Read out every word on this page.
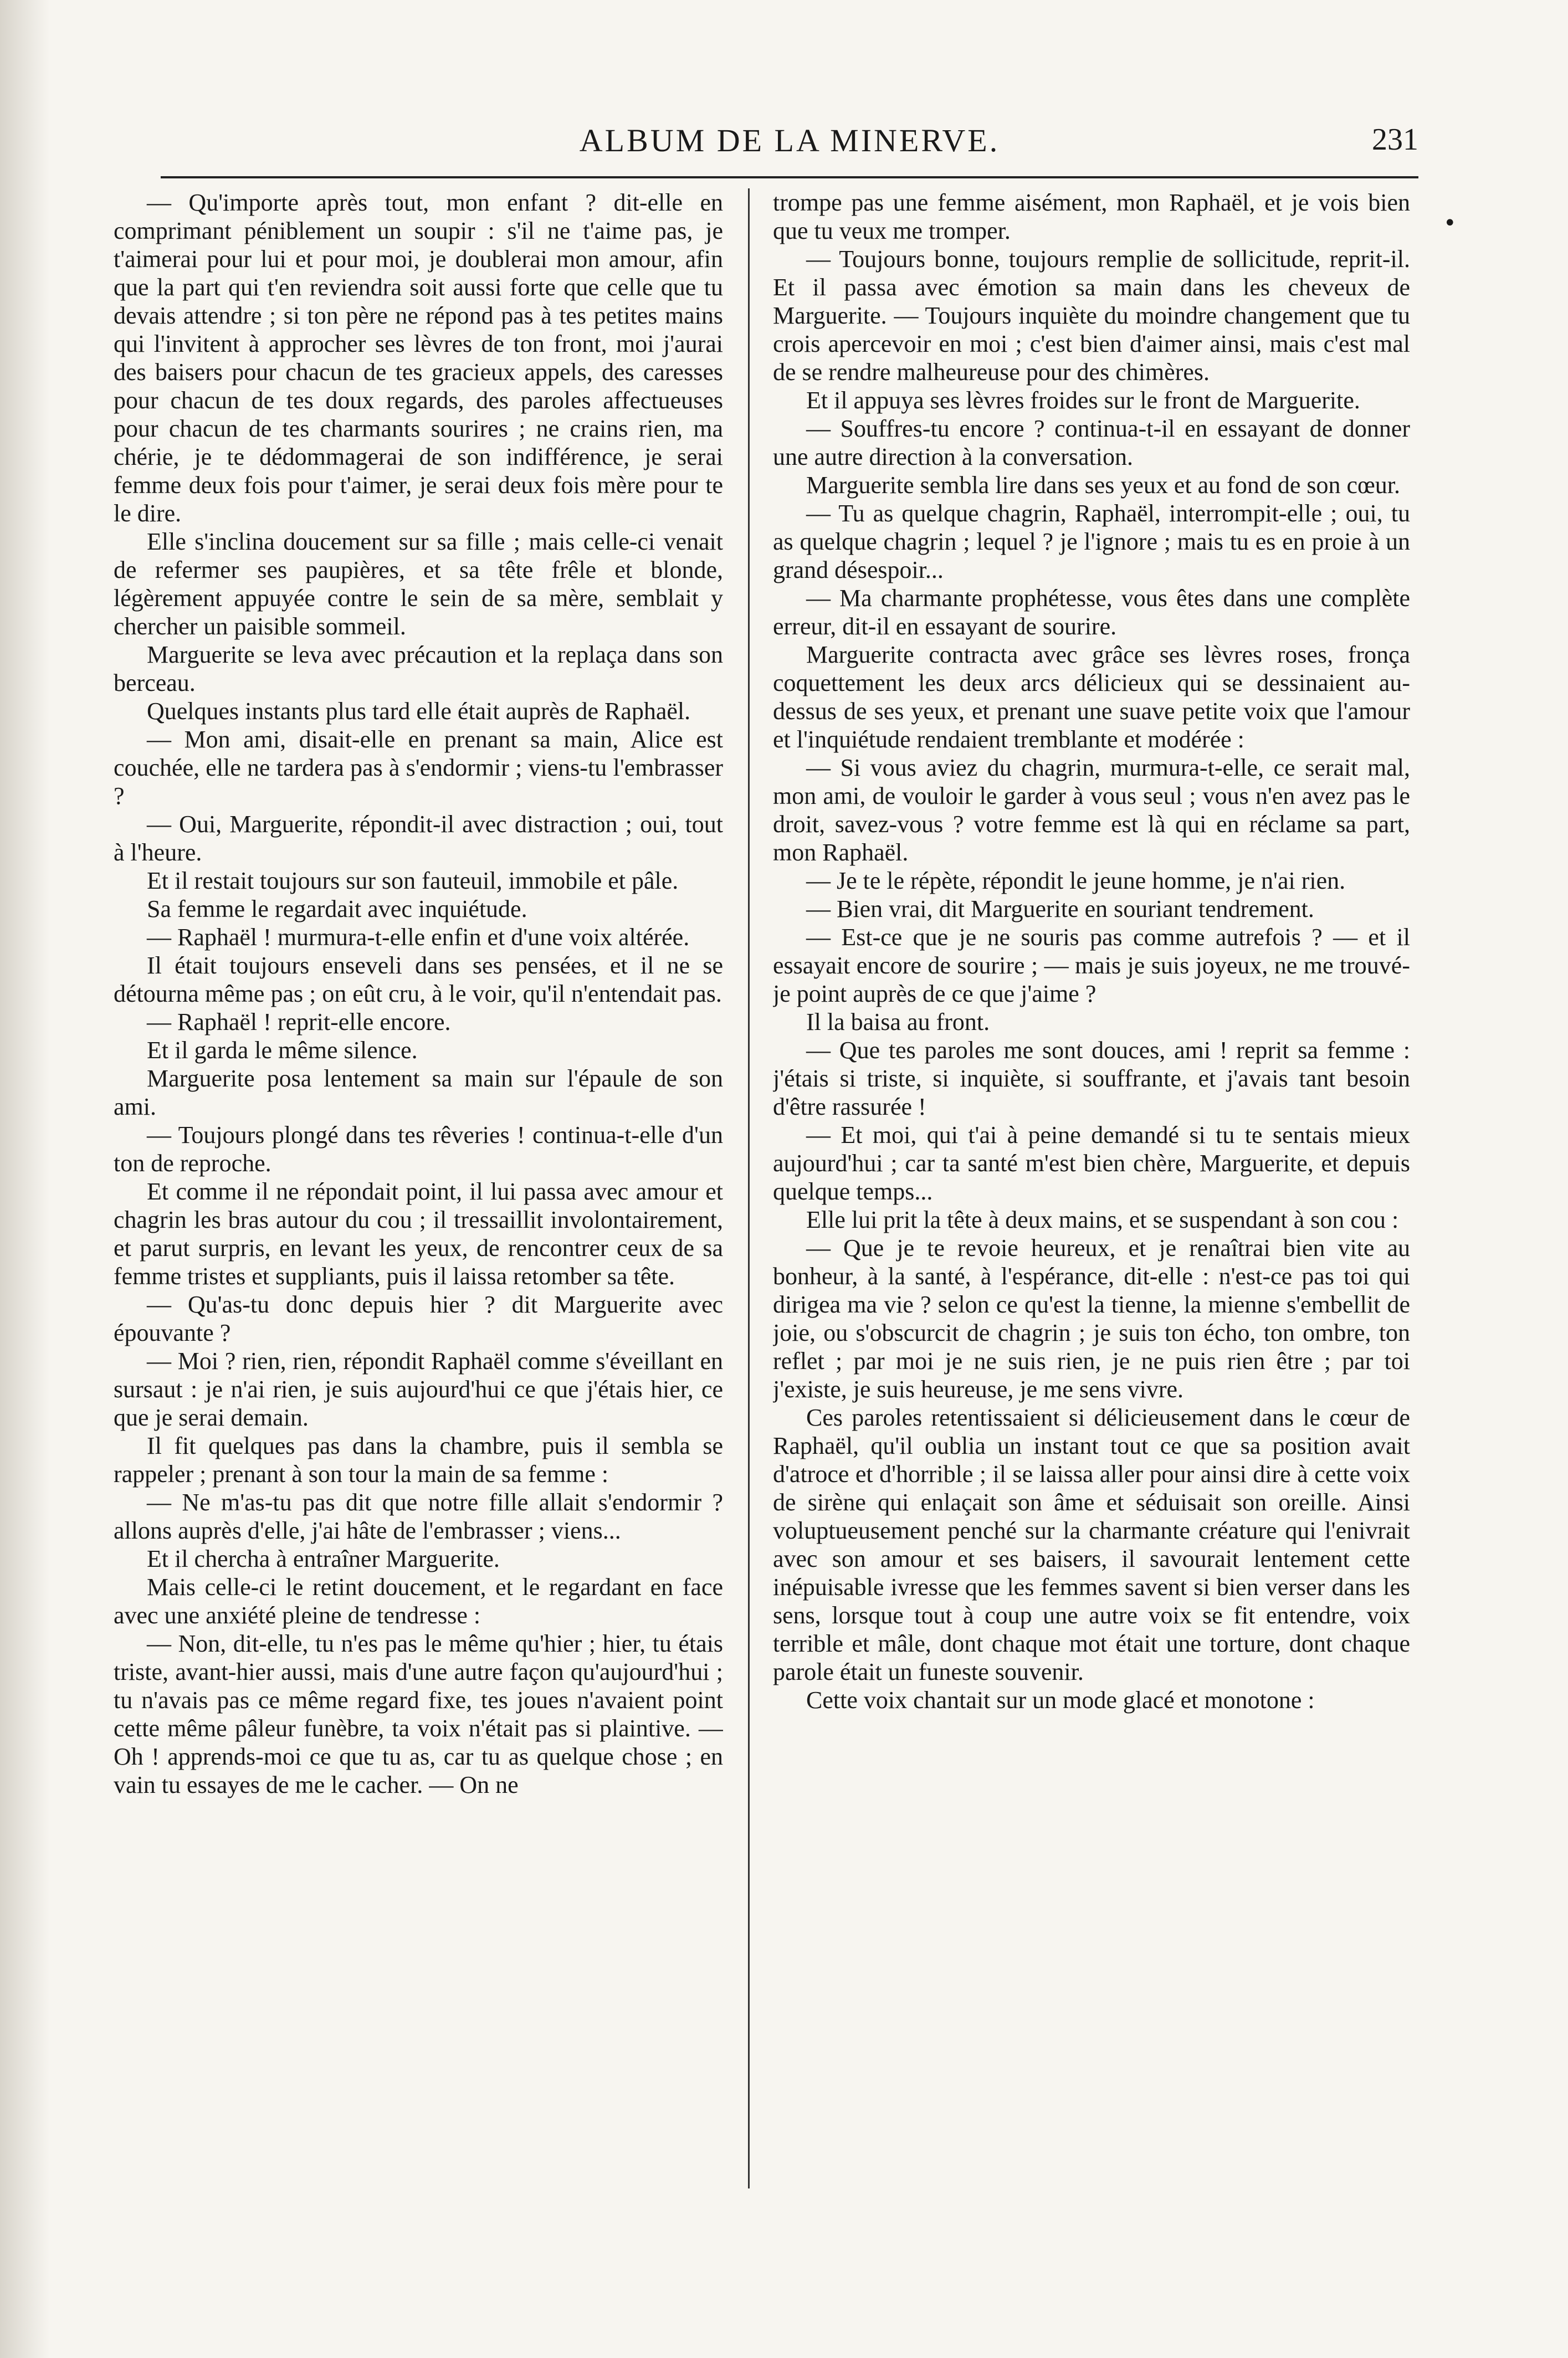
ALBUM DE LA MINERVE.	231

— Qu'importe après tout, mon enfant ? dit-elle en comprimant péniblement un soupir : s'il ne t'aime pas, je t'aimerai pour lui et pour moi, je doublerai mon amour, afin que la part qui t'en reviendra soit aussi forte que celle que tu devais attendre ; si ton père ne répond pas à tes petites mains qui l'invitent à approcher ses lèvres de ton front, moi j'aurai des baisers pour chacun de tes gracieux appels, des caresses pour chacun de tes doux regards, des paroles affectueuses pour chacun de tes charmants sourires ; ne crains rien, ma chérie, je te dédommagerai de son indifférence, je serai femme deux fois pour t'aimer, je serai deux fois mère pour te le dire.

Elle s'inclina doucement sur sa fille ; mais celle-ci venait de refermer ses paupières, et sa tête frêle et blonde, légèrement appuyée contre le sein de sa mère, semblait y chercher un paisible sommeil.

Marguerite se leva avec précaution et la replaça dans son berceau.

Quelques instants plus tard elle était auprès de Raphaël.

— Mon ami, disait-elle en prenant sa main, Alice est couchée, elle ne tardera pas à s'endormir ; viens-tu l'embrasser ?

— Oui, Marguerite, répondit-il avec distraction ; oui, tout à l'heure.

Et il restait toujours sur son fauteuil, immobile et pâle.

Sa femme le regardait avec inquiétude.

— Raphaël ! murmura-t-elle enfin et d'une voix altérée.

Il était toujours enseveli dans ses pensées, et il ne se détourna même pas ; on eût cru, à le voir, qu'il n'entendait pas.

— Raphaël ! reprit-elle encore.

Et il garda le même silence.

Marguerite posa lentement sa main sur l'épaule de son ami.

— Toujours plongé dans tes rêveries ! continua-t-elle d'un ton de reproche.

Et comme il ne répondait point, il lui passa avec amour et chagrin les bras autour du cou ; il tressaillit involontairement, et parut surpris, en levant les yeux, de rencontrer ceux de sa femme tristes et suppliants, puis il laissa retomber sa tête.

— Qu'as-tu donc depuis hier ? dit Marguerite avec épouvante ?

— Moi ? rien, rien, répondit Raphaël comme s'éveillant en sursaut : je n'ai rien, je suis aujourd'hui ce que j'étais hier, ce que je serai demain.

Il fit quelques pas dans la chambre, puis il sembla se rappeler ; prenant à son tour la main de sa femme :

— Ne m'as-tu pas dit que notre fille allait s'endormir ? allons auprès d'elle, j'ai hâte de l'embrasser ; viens...

Et il chercha à entraîner Marguerite.

Mais celle-ci le retint doucement, et le regardant en face avec une anxiété pleine de tendresse :

— Non, dit-elle, tu n'es pas le même qu'hier ; hier, tu étais triste, avant-hier aussi, mais d'une autre façon qu'aujourd'hui ; tu n'avais pas ce même regard fixe, tes joues n'avaient point cette même pâleur funèbre, ta voix n'était pas si plaintive. — Oh ! apprends-moi ce que tu as, car tu as quelque chose ; en vain tu essayes de me le cacher. — On ne

trompe pas une femme aisément, mon Raphaël, et je vois bien que tu veux me tromper.

— Toujours bonne, toujours remplie de sollicitude, reprit-il. Et il passa avec émotion sa main dans les cheveux de Marguerite. — Toujours inquiète du moindre changement que tu crois apercevoir en moi ; c'est bien d'aimer ainsi, mais c'est mal de se rendre malheureuse pour des chimères.

Et il appuya ses lèvres froides sur le front de Marguerite.

— Souffres-tu encore ? continua-t-il en essayant de donner une autre direction à la conversation.

Marguerite sembla lire dans ses yeux et au fond de son cœur.

— Tu as quelque chagrin, Raphaël, interrompit-elle ; oui, tu as quelque chagrin ; lequel ? je l'ignore ; mais tu es en proie à un grand désespoir...

— Ma charmante prophétesse, vous êtes dans une complète erreur, dit-il en essayant de sourire.

Marguerite contracta avec grâce ses lèvres roses, fronça coquettement les deux arcs délicieux qui se dessinaient au-dessus de ses yeux, et prenant une suave petite voix que l'amour et l'inquiétude rendaient tremblante et modérée :

— Si vous aviez du chagrin, murmura-t-elle, ce serait mal, mon ami, de vouloir le garder à vous seul ; vous n'en avez pas le droit, savez-vous ? votre femme est là qui en réclame sa part, mon Raphaël.

— Je te le répète, répondit le jeune homme, je n'ai rien.

— Bien vrai, dit Marguerite en souriant tendrement.

— Est-ce que je ne souris pas comme autrefois ? — et il essayait encore de sourire ; — mais je suis joyeux, ne me trouvé-je point auprès de ce que j'aime ?

Il la baisa au front.

— Que tes paroles me sont douces, ami ! reprit sa femme : j'étais si triste, si inquiète, si souffrante, et j'avais tant besoin d'être rassurée !

— Et moi, qui t'ai à peine demandé si tu te sentais mieux aujourd'hui ; car ta santé m'est bien chère, Marguerite, et depuis quelque temps...

Elle lui prit la tête à deux mains, et se suspendant à son cou :

— Que je te revoie heureux, et je renaîtrai bien vite au bonheur, à la santé, à l'espérance, dit-elle : n'est-ce pas toi qui dirigea ma vie ? selon ce qu'est la tienne, la mienne s'embellit de joie, ou s'obscurcit de chagrin ; je suis ton écho, ton ombre, ton reflet ; par moi je ne suis rien, je ne puis rien être ; par toi j'existe, je suis heureuse, je me sens vivre.

Ces paroles retentissaient si délicieusement dans le cœur de Raphaël, qu'il oublia un instant tout ce que sa position avait d'atroce et d'horrible ; il se laissa aller pour ainsi dire à cette voix de sirène qui enlaçait son âme et séduisait son oreille. Ainsi voluptueusement penché sur la charmante créature qui l'enivrait avec son amour et ses baisers, il savourait lentement cette inépuisable ivresse que les femmes savent si bien verser dans les sens, lorsque tout à coup une autre voix se fit entendre, voix terrible et mâle, dont chaque mot était une torture, dont chaque parole était un funeste souvenir.

Cette voix chantait sur un mode glacé et monotone :

•
